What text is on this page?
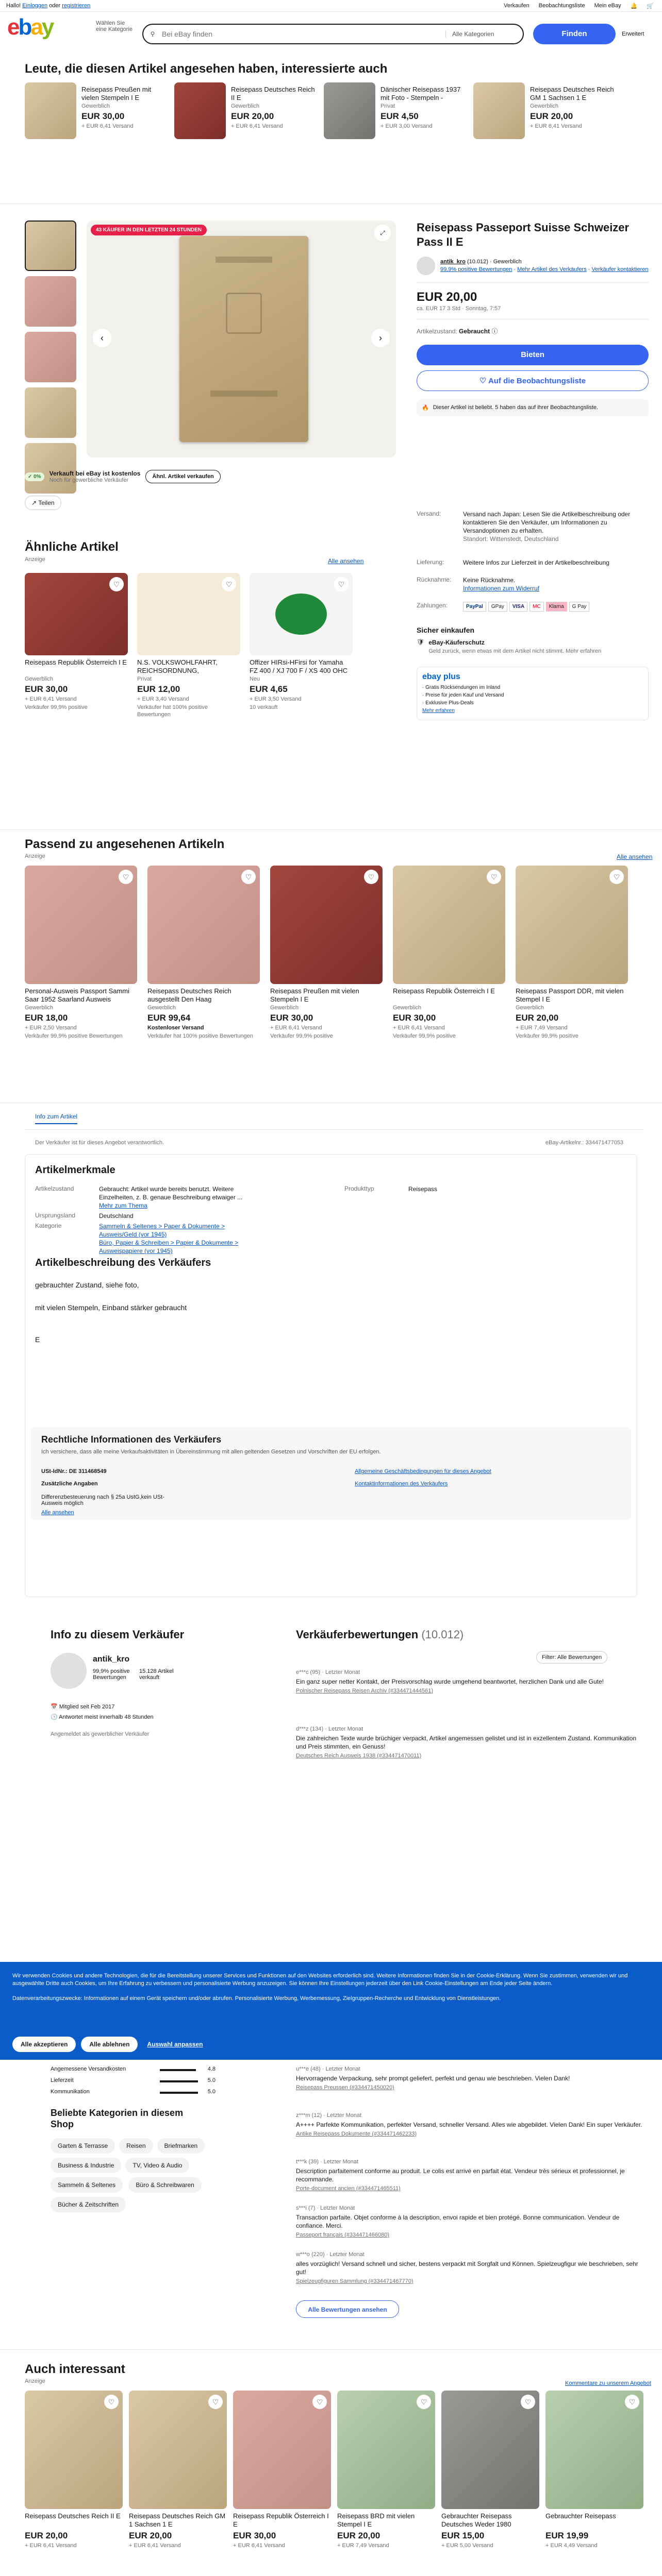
Hallo! Einloggen oder registrieren	Verkaufen Beobachtungsliste Mein eBay 🔔 🛒
ebay	Wählen Sie eine Kategorie
⚲
Bei eBay finden	Alle Kategorien	Finden	Erweitert
Leute, die diesen Artikel angesehen haben, interessierte auch
Reisepass Preußen mit vielen Stempeln I E
Gewerblich
EUR 30,00
+ EUR 6,41 Versand
Reisepass Deutsches Reich II E
Gewerblich
EUR 20,00
+ EUR 6,41 Versand
Dänischer Reisepass 1937 mit Foto - Stempeln -
Privat
EUR 4,50
+ EUR 3,00 Versand
Reisepass Deutsches Reich GM 1 Sachsen 1 E
Gewerblich
EUR 20,00
+ EUR 6,41 Versand
43 KÄUFER IN DEN LETZTEN 24 STUNDEN	⤢
‹	›
✓ 0%	Verkauft bei eBay ist kostenlos
Noch für gewerbliche Verkäufer
Ähnl. Artikel verkaufen
↗ Teilen
Reisepass Passeport Suisse Schweizer Pass II E
antik_kro (10.012) · Gewerblich
99,9% positive Bewertungen · Mehr Artikel des Verkäufers · Verkäufer kontaktieren
EUR 20,00
ca. EUR 17 3 Std · Sonntag, 7:57
Artikelzustand: Gebraucht ⓘ
Bieten
♡ Auf die Beobachtungsliste
🔥 Dieser Artikel ist beliebt. 5 haben das auf ihrer Beobachtungsliste.
Versand:	Versand nach Japan: Lesen Sie die Artikelbeschreibung oder kontaktieren Sie den Verkäufer, um Informationen zu Versandoptionen zu erhalten.
Standort: Wittenstedt, Deutschland
Lieferung:	Weitere Infos zur Lieferzeit in der Artikelbeschreibung
Rücknahme:	Keine Rücknahme.
Informationen zum Widerruf
Zahlungen:	PayPal	GPay	VISA	MC	Klarna	G Pay
Sicher einkaufen
🛡 eBay-Käuferschutz
Geld zurück, wenn etwas mit dem Artikel nicht stimmt. Mehr erfahren
ebay plus
· Gratis Rücksendungen im Inland
· Preise für jeden Kauf und Versand
· Exklusive Plus-Deals
Mehr erfahren
Ähnliche Artikel
Anzeige	Alle ansehen
♡
Reisepass Republik Österreich I E
Gewerblich
EUR 30,00
+ EUR 6,41 Versand
Verkäufer 99,9% positive
♡
N.S. VOLKSWOHLFAHRT, REICHSORDNUNG,
Privat
EUR 12,00
+ EUR 3,40 Versand
Verkäufer hat 100% positive Bewertungen
♡
Offizer HIRsi-HFirsi for Yamaha FZ 400 / XJ 700 F / XS 400 OHC
Neu
EUR 4,65
+ EUR 3,50 Versand
10 verkauft
Passend zu angesehenen Artikeln
Anzeige	Alle ansehen
♡
Personal-Ausweis Passport Sammi Saar 1952 Saarland Ausweis
Gewerblich
EUR 18,00
+ EUR 2,50 Versand
Verkäufer 99,9% positive Bewertungen
♡
Reisepass Deutsches Reich ausgestellt Den Haag
Gewerblich
EUR 99,64
Kostenloser Versand
Verkäufer hat 100% positive Bewertungen
♡
Reisepass Preußen mit vielen Stempeln I E
Gewerblich
EUR 30,00
+ EUR 6,41 Versand
Verkäufer 99,9% positive
♡
Reisepass Republik Österreich I E
Gewerblich
EUR 30,00
+ EUR 6,41 Versand
Verkäufer 99,9% positive
♡
Reisepass Passport DDR, mit vielen Stempel I E
Gewerblich
EUR 20,00
+ EUR 7,49 Versand
Verkäufer 99,9% positive
Info zum Artikel
Der Verkäufer ist für dieses Angebot verantwortlich.	eBay-Artikelnr.: 334471477053
Artikelmerkmale
Artikelzustand	Gebraucht: Artikel wurde bereits benutzt. Weitere Einzelheiten, z. B. genaue Beschreibung etwaiger ...
Mehr zum Thema
Produkttyp	Reisepass
Ursprungsland	Deutschland
Kategorie	Sammeln & Seltenes > Paper & Dokumente > Ausweis/Geld (vor 1945)
Büro, Papier & Schreiben > Papier & Dokumente > Ausweispapiere (vor 1945)
Artikelbeschreibung des Verkäufers
gebrauchter Zustand, siehe foto,
mit vielen Stempeln, Einband stärker gebraucht
E
Rechtliche Informationen des Verkäufers
Ich versichere, dass alle meine Verkaufsaktivitäten in Übereinstimmung mit allen geltenden Gesetzen und Vorschriften der EU erfolgen.
USt-IdNr.: DE 311468549
Zusätzliche Angaben
Differenzbesteuerung nach § 25a UstG,kein USt-Ausweis möglich
Alle ansehen
Allgemeine Geschäftsbedingungen für dieses Angebot
Kontaktinformationen des Verkäufers
Info zu diesem Verkäufer
antik_kro
99,9% positive Bewertungen
15.128 Artikel verkauft
📅 Mitglied seit Feb 2017
🕓 Antwortet meist innerhalb 48 Stunden
Angemeldet als gewerblicher Verkäufer
Verkäuferbewertungen (10.012)
Filter: Alle Bewertungen
e***c (95) · Letzter Monat
Ein ganz super netter Kontakt, der Preisvorschlag wurde umgehend beantwortet, herzlichen Dank und alle Gute!
Polnischer Reisepass Reisen Archiv (#334471444561)
d***z (134) · Letzter Monat
Die zahlreichen Texte wurde brüchiger verpackt, Artikel angemessen gelistet und ist in exzellentem Zustand. Kommunikation und Preis stimmten, ein Genuss!
Deutsches Reich Ausweis 1938 (#334471470011)

Wir verwenden Cookies und andere Technologien, die für die Bereitstellung unserer Services und Funktionen auf den Websites erforderlich sind. Weitere Informationen finden Sie in der Cookie-Erklärung. Wenn Sie zustimmen, verwenden wir und ausgewählte Dritte auch Cookies, um Ihre Erfahrung zu verbessern und personalisierte Werbung anzuzeigen. Sie können Ihre Einstellungen jederzeit über den Link Cookie-Einstellungen am Ende jeder Seite ändern.

Datenverarbeitungszwecke: Informationen auf einem Gerät speichern und/oder abrufen. Personalisierte Werbung, Werbemessung, Zielgruppen-Recherche und Entwicklung von Dienstleistungen.

Alle akzeptieren	Alle ablehnen	Auswahl anpassen
Angemessene Versandkosten	4.8
Lieferzeit	5.0
Kommunikation	5.0
Beliebte Kategorien in diesem Shop
Garten & Terrasse	Reisen	Briefmarken Business & Industrie	TV, Video & AudioSammeln & Seltenes	Büro & SchreibwarenBücher & Zeitschriften
u***e (48) · Letzter Monat
Hervorragende Verpackung, sehr prompt geliefert, perfekt und genau wie beschrieben. Vielen Dank!
Reisepass Preussen (#334471450020)
z***m (12) · Letzter Monat
A++++ Parfekte Kommunikation, perfekter Versand, schneller Versand. Alles wie abgebildet. Vielen Dank! Ein super Verkäufer.
Antike Reisepass Dokumente (#334471462233)
t***k (39) · Letzter Monat
Description parfaitement conforme au produit. Le colis est arrivé en parfait état. Vendeur très sérieux et professionnel, je recommande.
Porte-document ancien (#334471465511)
s***i (7) · Letzter Monat
Transaction parfaite. Objet conforme à la description, envoi rapide et bien protégé. Bonne communication. Vendeur de confiance. Merci.
Passeport français (#334471466080)
w***o (220) · Letzter Monat
alles vorzüglich! Versand schnell und sicher, bestens verpackt mit Sorgfalt und Können. Spielzeugfigur wie beschrieben, sehr gut!
Spielzeugfiguren Sammlung (#334471467770)
Alle Bewertungen ansehen
Auch interessant
Anzeige	Kommentare zu unserem Angebot
♡
Reisepass Deutsches Reich II E
EUR 20,00
+ EUR 6,41 Versand
♡
Reisepass Deutsches Reich GM 1 Sachsen 1 E
EUR 20,00
+ EUR 6,41 Versand
♡
Reisepass Republik Österreich I E
EUR 30,00
+ EUR 6,41 Versand
♡
Reisepass BRD mit vielen Stempel I E
EUR 20,00
+ EUR 7,49 Versand
♡
Gebrauchter Reisepass Deutsches Weder 1980
EUR 15,00
+ EUR 5,00 Versand
♡
Gebrauchter Reisepass
EUR 19,99
+ EUR 4,49 Versand
